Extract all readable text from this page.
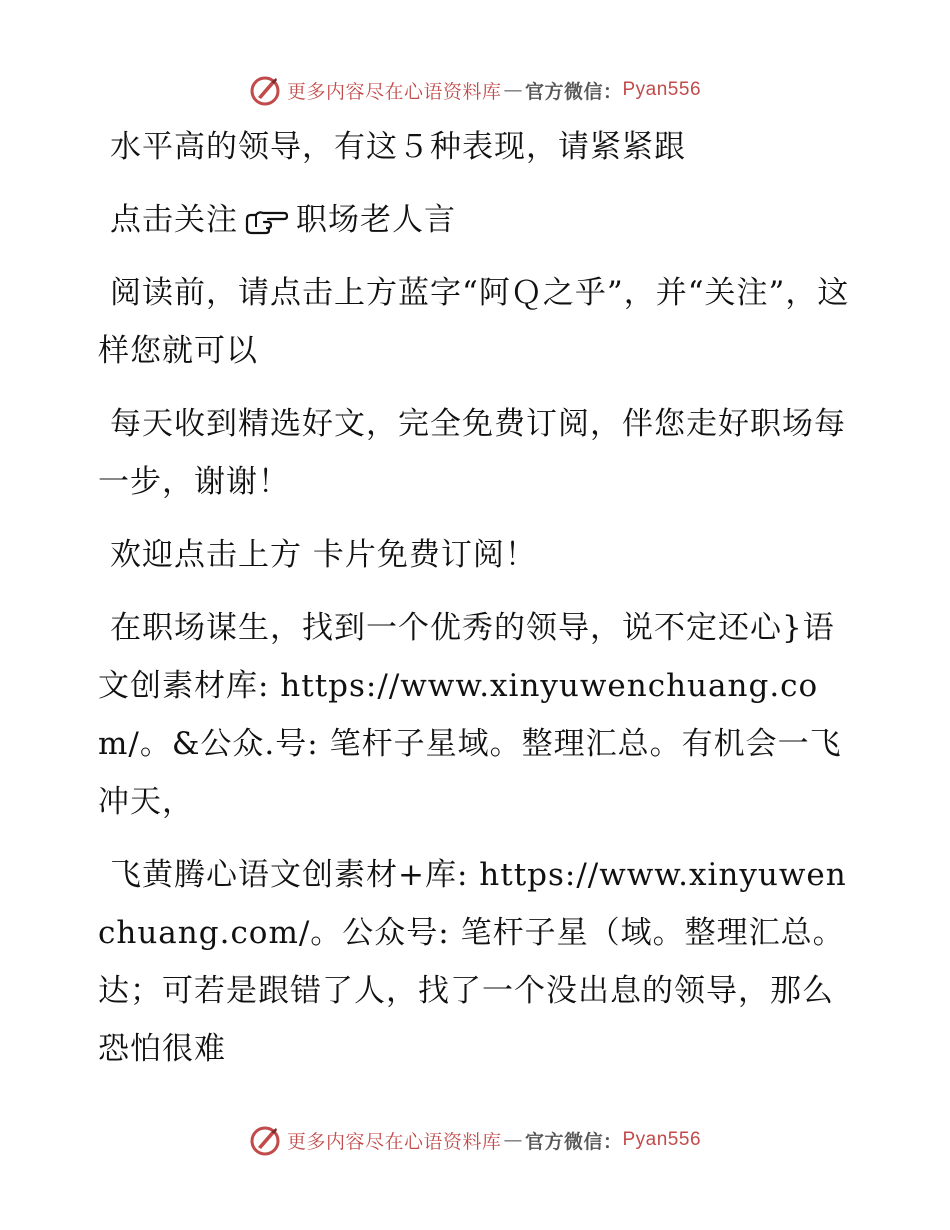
更多内容尽在心语资料库 — 官方微信： Pyan556

水平高的领导，有这５种表现，请紧紧跟

点击关注 职场老人言

阅读前，请点击上方蓝字“阿Ｑ之乎”，并“关注”，这样您就可以

每天收到精选好文，完全免费订阅，伴您走好职场每一步，谢谢！

欢迎点击上方 卡片免费订阅！

在职场谋生，找到一个优秀的领导，说不定还心}语文创素材库: https://www.xinyuwenchuang.com/。&公众.号: 笔杆子星域。整理汇总。有机会一飞冲天，

飞黄腾心语文创素材+库: https://www.xinyuwenchuang.com/。公众号: 笔杆子星（域。整理汇总。达；可若是跟错了人，找了一个没出息的领导，那么恐怕很难

更多内容尽在心语资料库 — 官方微信： Pyan556
